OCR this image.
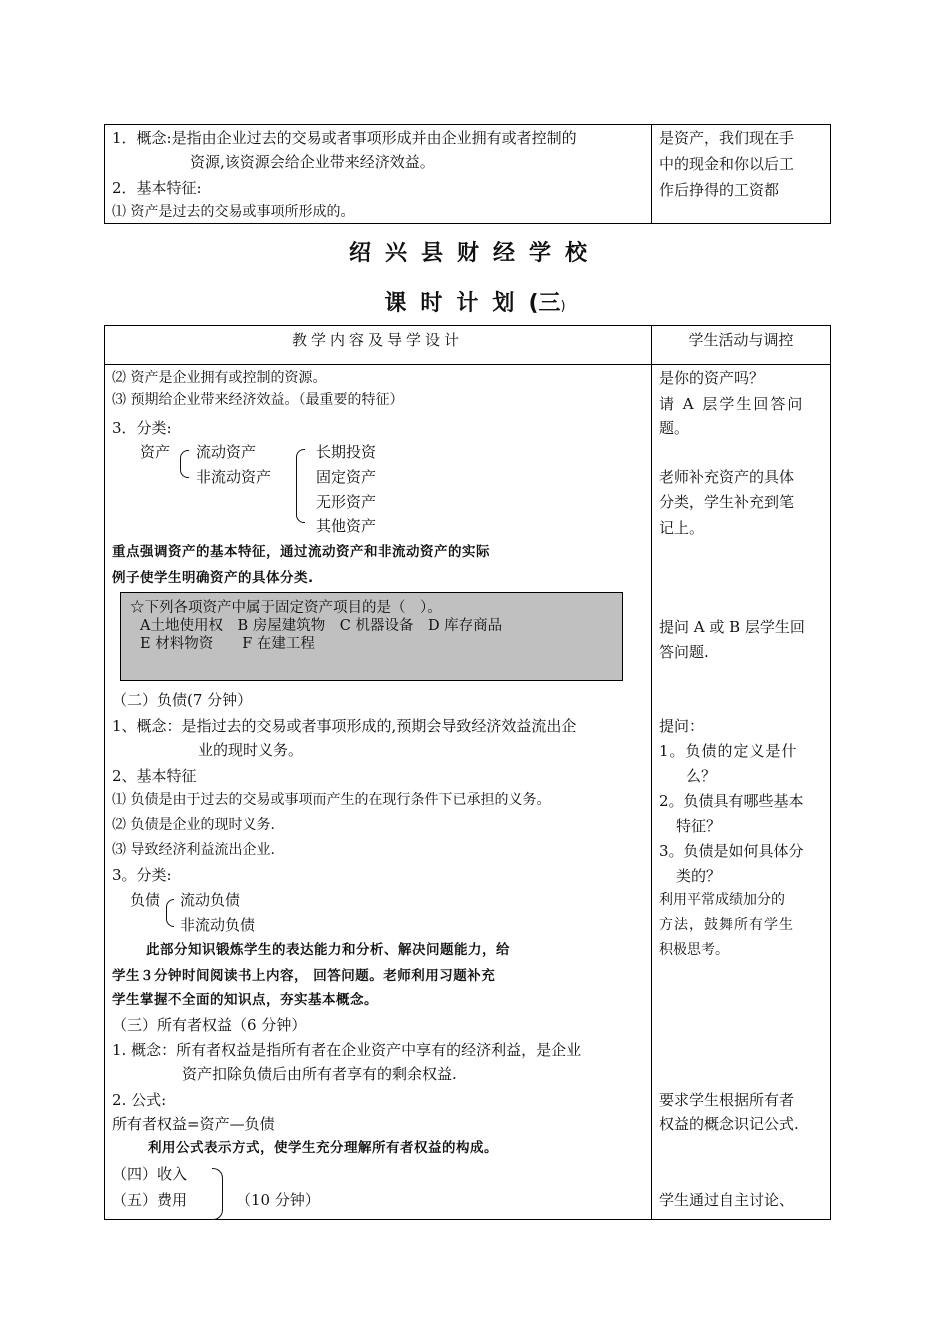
1．概念:是指由企业过去的交易或者事项形成并由企业拥有或者控制的
资源,该资源会给企业带来经济效益。
2．基本特征:
⑴ 资产是过去的交易或事项所形成的。
是资产，我们现在手
中的现金和你以后工
作后挣得的工资都
绍兴县财经学校
课时计划(三)
教学内容及导学设计	学生活动与调控
⑵ 资产是企业拥有或控制的资源。
⑶ 预期给企业带来经济效益。（最重要的特征）
3．分类:
资产 流动资产
非流动资产
长期投资
固定资产
无形资产
其他资产
重点强调资产的基本特征，通过流动资产和非流动资产的实际
例子使学生明确资产的具体分类.
☆下列各项资产中属于固定资产项目的是（　）。
A土地使用权　B 房屋建筑物　C 机器设备　D 库存商品
E 材料物资　　F 在建工程
（二）负债(7 分钟）
1、概念：是指过去的交易或者事项形成的,预期会导致经济效益流出企
业的现时义务。
2、基本特征
⑴ 负债是由于过去的交易或事项而产生的在现行条件下已承担的义务。
⑵ 负债是企业的现时义务.
⑶ 导致经济利益流出企业.
3。分类:
负债 流动负债
非流动负债
此部分知识锻炼学生的表达能力和分析、解决问题能力，给
学生３分钟时间阅读书上内容， 回答问题。老师利用习题补充
学生掌握不全面的知识点，夯实基本概念。
（三）所有者权益（6 分钟）
1. 概念：所有者权益是指所有者在企业资产中享有的经济利益，是企业
资产扣除负债后由所有者享有的剩余权益.
2. 公式:
所有者权益=资产—负债
利用公式表示方式，使学生充分理解所有者权益的构成。
（四）收入
（五）费用	（10 分钟）
是你的资产吗？
请 A 层学生回答问
题。
老师补充资产的具体
分类，学生补充到笔
记上。
提问 A 或 B 层学生回
答问题.
提问：
1。负债的定义是什
么？
2。负债具有哪些基本
特征？
3。负债是如何具体分
类的？
利用平常成绩加分的
方法，鼓舞所有学生
积极思考。
要求学生根据所有者
权益的概念识记公式.
学生通过自主讨论、
